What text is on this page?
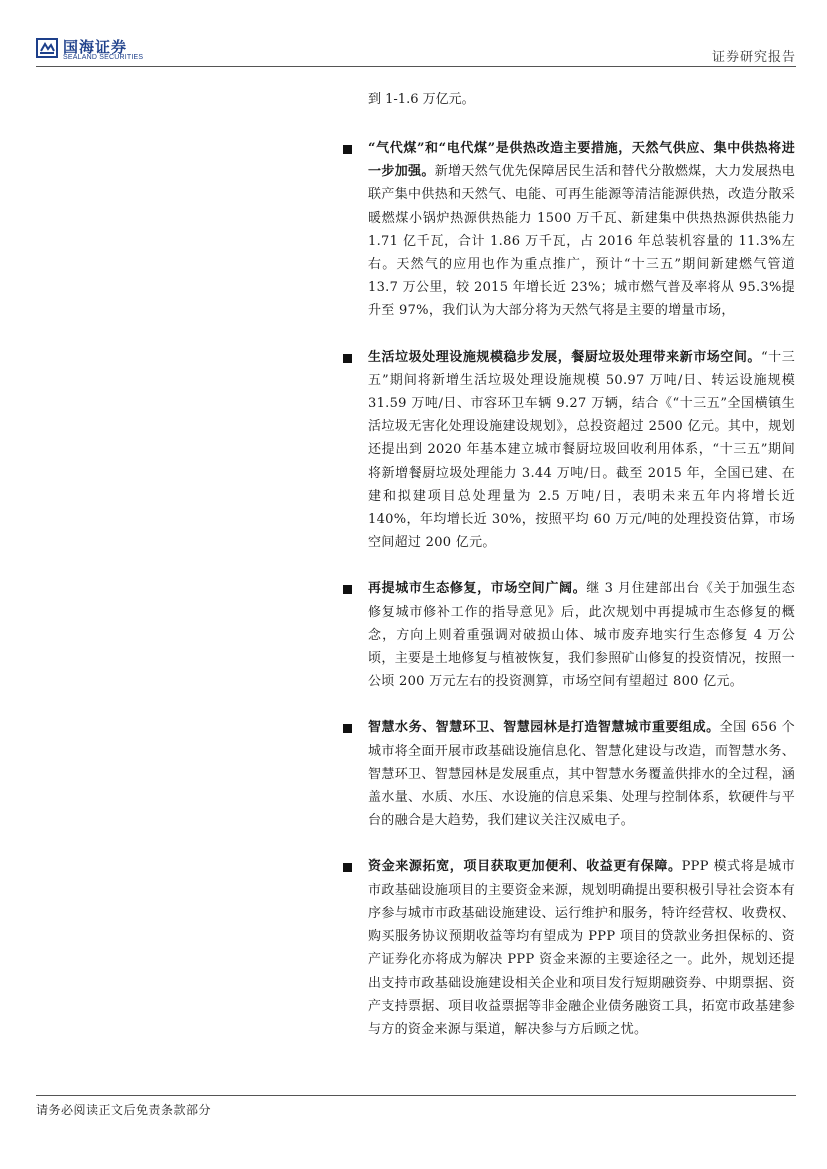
国海证券
SEALAND SECURITIES	证券研究报告
到 1-1.6 万亿元。

“气代煤”和“电代煤”是供热改造主要措施，天然气供应、集中供热将进一步加强。新增天然气优先保障居民生活和替代分散燃煤，大力发展热电联产集中供热和天然气、电能、可再生能源等清洁能源供热，改造分散采暖燃煤小锅炉热源供热能力 1500 万千瓦、新建集中供热热源供热能力 1.71 亿千瓦，合计 1.86 万千瓦，占 2016 年总装机容量的 11.3%左右。天然气的应用也作为重点推广，预计“十三五”期间新建燃气管道 13.7 万公里，较 2015 年增长近 23%；城市燃气普及率将从 95.3%提升至 97%，我们认为大部分将为天然气将是主要的增量市场，

生活垃圾处理设施规模稳步发展，餐厨垃圾处理带来新市场空间。“十三五”期间将新增生活垃圾处理设施规模 50.97 万吨/日、转运设施规模 31.59 万吨/日、市容环卫车辆 9.27 万辆，结合《“十三五”全国横镇生活垃圾无害化处理设施建设规划》，总投资超过 2500 亿元。其中，规划还提出到 2020 年基本建立城市餐厨垃圾回收利用体系，“十三五”期间将新增餐厨垃圾处理能力 3.44 万吨/日。截至 2015 年，全国已建、在建和拟建项目总处理量为 2.5 万吨/日，表明未来五年内将增长近 140%，年均增长近 30%，按照平均 60 万元/吨的处理投资估算，市场空间超过 200 亿元。

再提城市生态修复，市场空间广阔。继 3 月住建部出台《关于加强生态修复城市修补工作的指导意见》后，此次规划中再提城市生态修复的概念，方向上则着重强调对破损山体、城市废弃地实行生态修复 4 万公顷，主要是土地修复与植被恢复，我们参照矿山修复的投资情况，按照一公顷 200 万元左右的投资测算，市场空间有望超过 800 亿元。

智慧水务、智慧环卫、智慧园林是打造智慧城市重要组成。全国 656 个城市将全面开展市政基础设施信息化、智慧化建设与改造，而智慧水务、智慧环卫、智慧园林是发展重点，其中智慧水务覆盖供排水的全过程，涵盖水量、水质、水压、水设施的信息采集、处理与控制体系，软硬件与平台的融合是大趋势，我们建议关注汉威电子。

资金来源拓宽，项目获取更加便利、收益更有保障。PPP 模式将是城市市政基础设施项目的主要资金来源，规划明确提出要积极引导社会资本有序参与城市市政基础设施建设、运行维护和服务，特许经营权、收费权、购买服务协议预期收益等均有望成为 PPP 项目的贷款业务担保标的、资产证券化亦将成为解决 PPP 资金来源的主要途径之一。此外，规划还提出支持市政基础设施建设相关企业和项目发行短期融资券、中期票据、资产支持票据、项目收益票据等非金融企业债务融资工具，拓宽市政基建参与方的资金来源与渠道，解决参与方后顾之忧。

请务必阅读正文后免责条款部分
